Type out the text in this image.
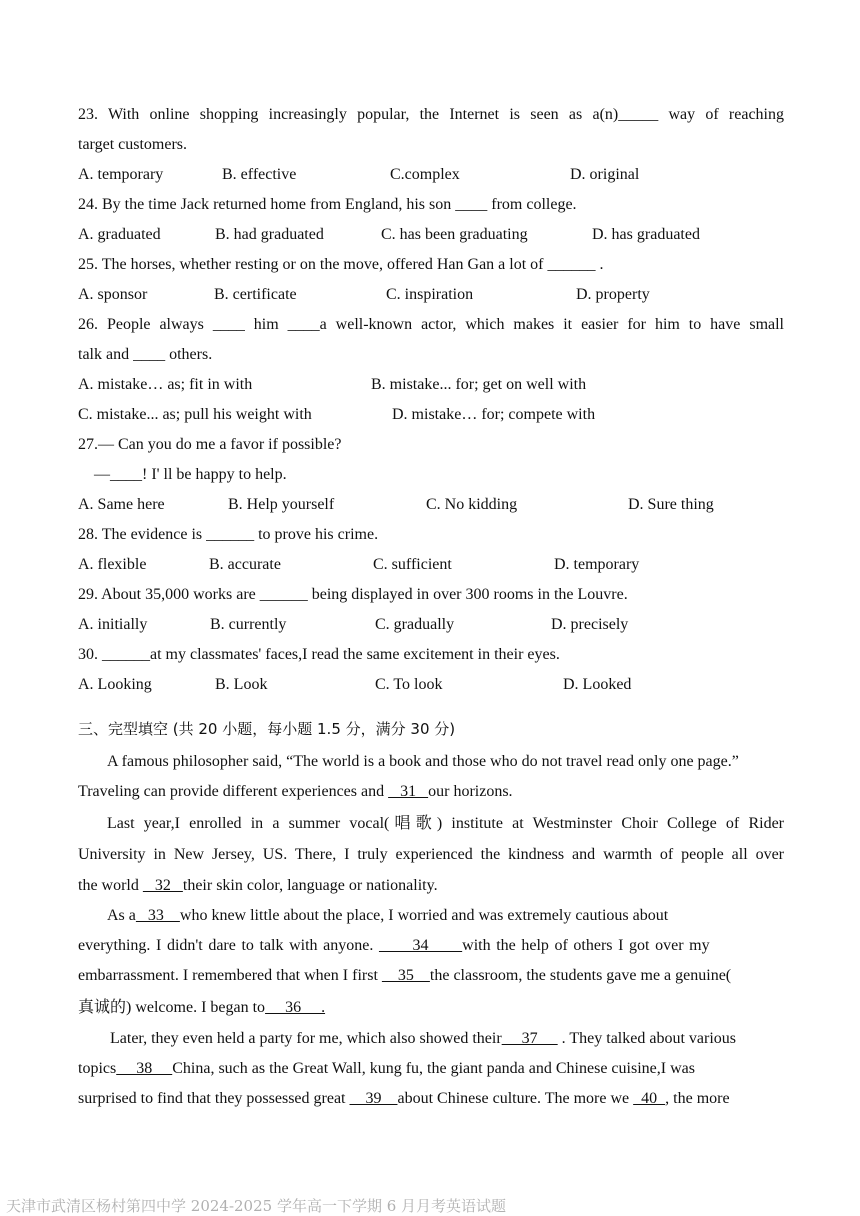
23. With online shopping increasingly popular, the Internet is seen as a(n)_____ way of reaching
target customers.
A. temporary	B. effective	C.complex	D. original
24. By the time Jack returned home from England, his son ____ from college.
A. graduated	B. had graduated	C. has been graduating	D. has graduated
25. The horses, whether resting or on the move, offered Han Gan a lot of ______ .
A. sponsor	B. certificate	C. inspiration	D. property
26. People always ____ him ____a well-known actor, which makes it easier for him to have small
talk and ____ others.
A. mistake… as; fit in with	B. mistake... for; get on well with
C. mistake... as; pull his weight with	D. mistake… for; compete with
27.— Can you do me a favor if possible?
—____! I' ll be happy to help.
A. Same here	B. Help yourself	C. No kidding	D. Sure thing
28. The evidence is ______ to prove his crime.
A. flexible	B. accurate	C. sufficient	D. temporary
29. About 35,000 works are ______ being displayed in over 300 rooms in the Louvre.
A. initially	B. currently	C. gradually	D. precisely
30. ______at my classmates' faces,I read the same excitement in their eyes.
A. Looking	B. Look	C. To look	D. Looked
三、完型填空 (共 20 小题，每小题 1.5 分，满分 30 分)
A famous philosopher said, “The world is a book and those who do not travel read only one page.”
Traveling can provide different experiences and    31   our horizons.
Last year,I enrolled in a summer vocal(唱歌) institute at Westminster Choir College of Rider
University in New Jersey, US. There, I truly experienced the kindness and warmth of people all over
the world    32   their skin color, language or nationality.
As a   33    who knew little about the place, I worried and was extremely cautious about
everything. I didn't dare to talk with anyone.       34      with the help of others I got over my
embarrassment. I remembered that when I first     35    the classroom, the students gave me a genuine(
真诚的) welcome. I began to     36     .
Later, they even held a party for me, which also showed their     37      . They talked about various
topics     38     China, such as the Great Wall, kung fu, the giant panda and Chinese cuisine,I was
surprised to find that they possessed great     39    about Chinese culture. The more we   40  , the more
天津市武清区杨村第四中学 2024-2025 学年高一下学期 6 月月考英语试题
